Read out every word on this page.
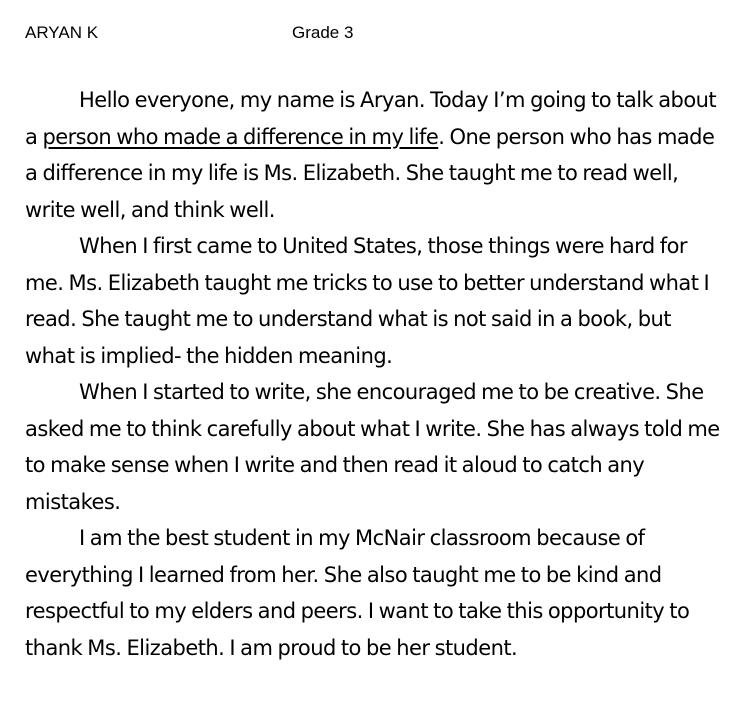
ARYAN K	Grade 3

Hello everyone, my name is Aryan. Today I’m going to talk about a person who made a difference in my life. One person who has made a difference in my life is Ms. Elizabeth. She taught me to read well, write well, and think well.

When I first came to United States, those things were hard for me. Ms. Elizabeth taught me tricks to use to better understand what I read. She taught me to understand what is not said in a book, but what is implied- the hidden meaning.

When I started to write, she encouraged me to be creative. She asked me to think carefully about what I write. She has always told me to make sense when I write and then read it aloud to catch any mistakes.

I am the best student in my McNair classroom because of everything I learned from her. She also taught me to be kind and respectful to my elders and peers. I want to take this opportunity to thank Ms. Elizabeth. I am proud to be her student.
